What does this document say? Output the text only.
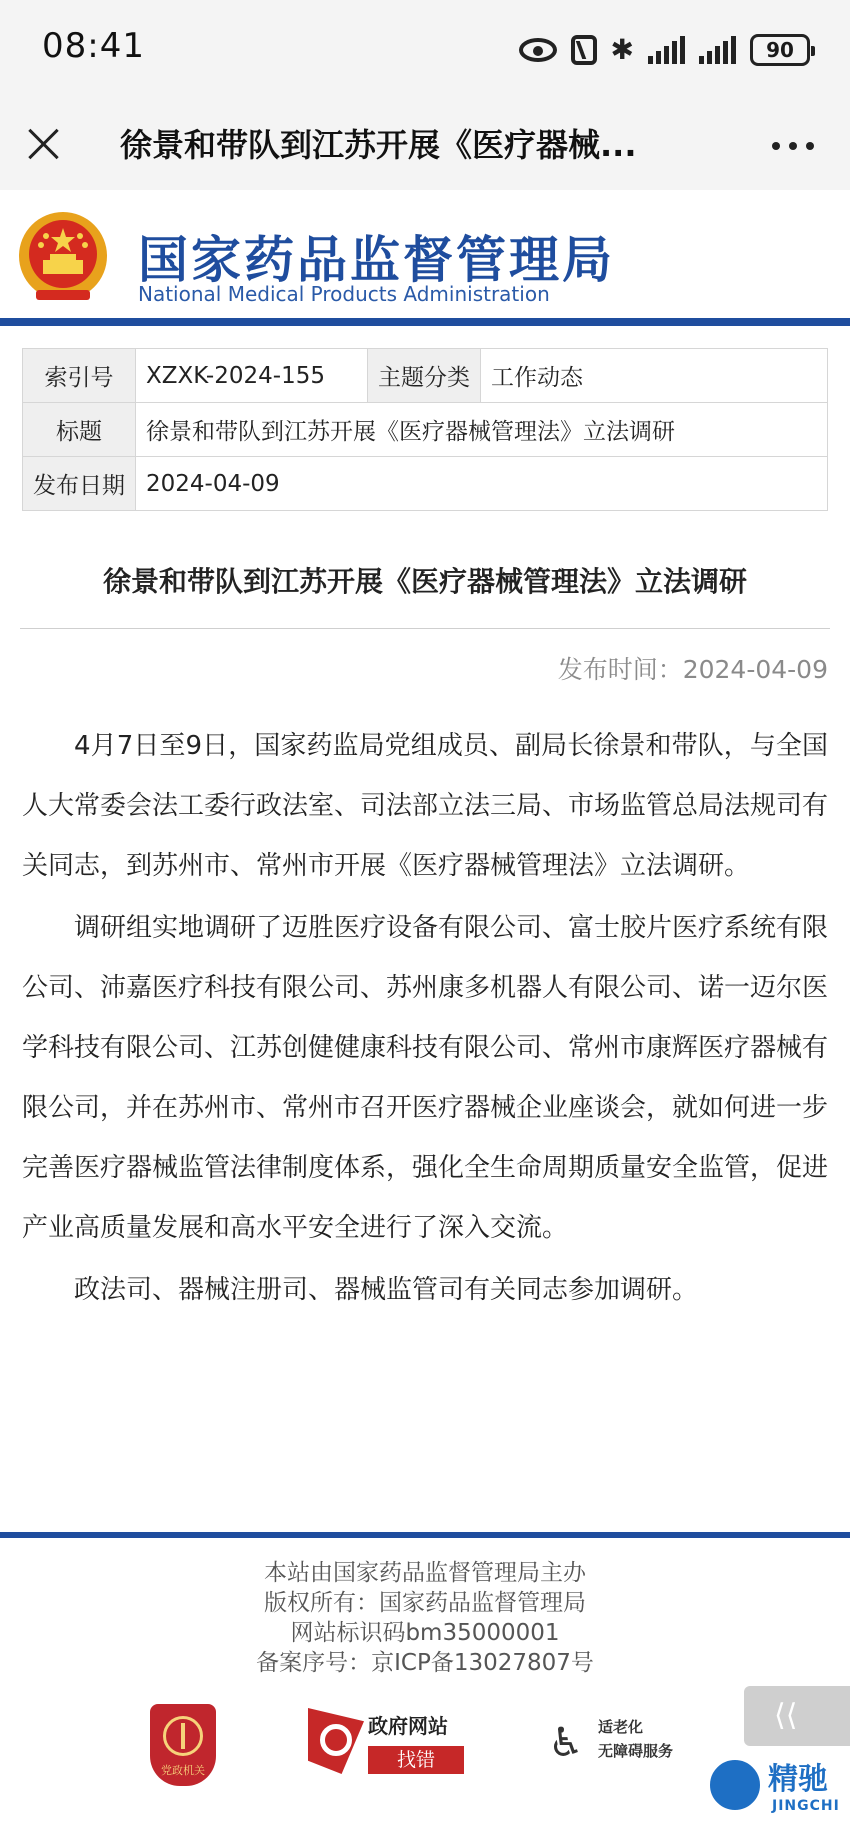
08:41	✱	90
徐景和带队到江苏开展《医疗器械...
国家药品监督管理局
National Medical Products Administration
索引号	XZXK-2024-155	主题分类	工作动态
标题	徐景和带队到江苏开展《医疗器械管理法》立法调研		
发布日期	2024-04-09		
徐景和带队到江苏开展《医疗器械管理法》立法调研
发布时间：2024-04-09

4月7日至9日，国家药监局党组成员、副局长徐景和带队，与全国人大常委会法工委行政法室、司法部立法三局、市场监管总局法规司有关同志，到苏州市、常州市开展《医疗器械管理法》立法调研。

调研组实地调研了迈胜医疗设备有限公司、富士胶片医疗系统有限公司、沛嘉医疗科技有限公司、苏州康多机器人有限公司、诺一迈尔医学科技有限公司、江苏创健健康科技有限公司、常州市康辉医疗器械有限公司，并在苏州市、常州市召开医疗器械企业座谈会，就如何进一步完善医疗器械监管法律制度体系，强化全生命周期质量安全监管，促进产业高质量发展和高水平安全进行了深入交流。

政法司、器械注册司、器械监管司有关同志参加调研。

本站由国家药品监督管理局主办
版权所有：国家药品监督管理局
网站标识码bm35000001
备案序号：京ICP备13027807号
党政机关
政府网站
找错	♿ 适老化
无障碍服务
⟨⟨
精驰
JINGCHI
